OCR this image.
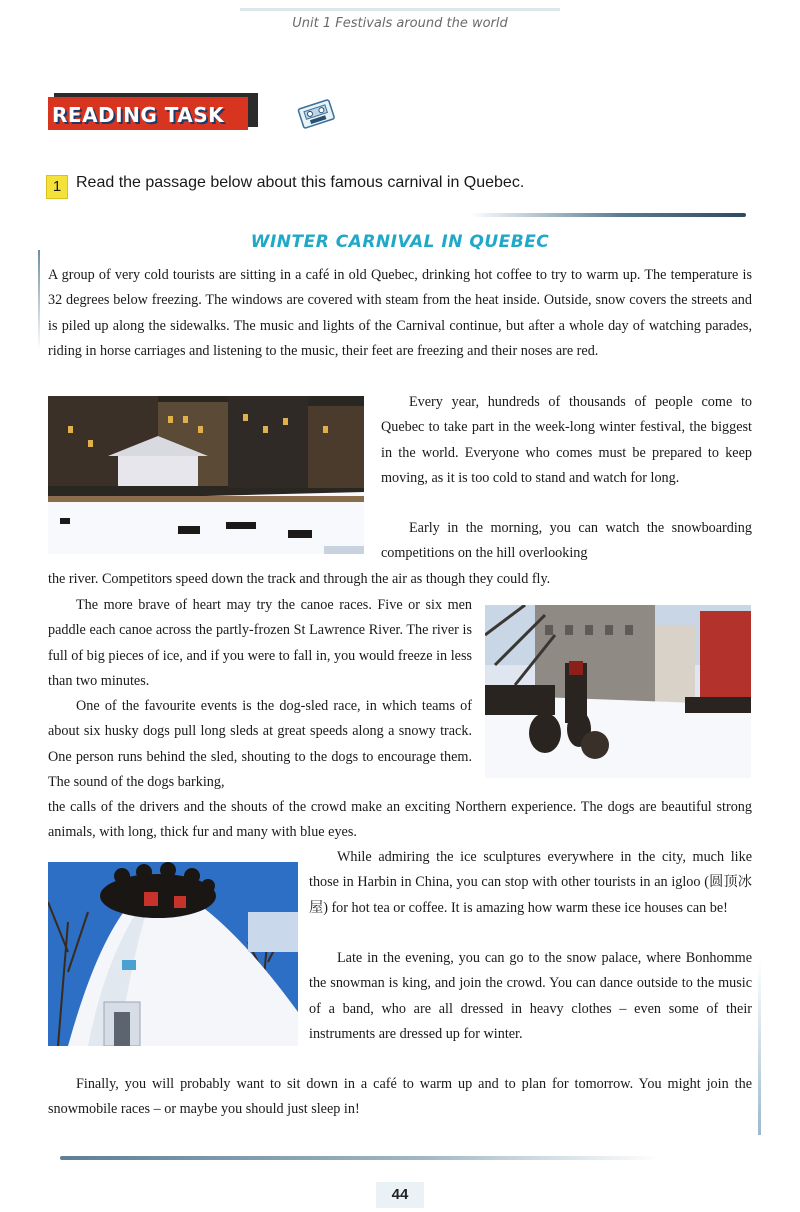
Unit 1 Festivals around the world
READING TASK
1 Read the passage below about this famous carnival in Quebec.
WINTER CARNIVAL IN QUEBEC

A group of very cold tourists are sitting in a café in old Quebec, drinking hot coffee to try to warm up. The temperature is 32 degrees below freezing. The windows are covered with steam from the heat inside. Outside, snow covers the streets and is piled up along the sidewalks. The music and lights of the Carnival continue, but after a whole day of watching parades, riding in horse carriages and listening to the music, their feet are freezing and their noses are red.

Every year, hundreds of thousands of people come to Quebec to take part in the week-long winter festival, the biggest in the world. Everyone who comes must be prepared to keep moving, as it is too cold to stand and watch for long.

Early in the morning, you can watch the snowboarding competitions on the hill overlooking

the river. Competitors speed down the track and through the air as though they could fly.

The more brave of heart may try the canoe races. Five or six men paddle each canoe across the partly-frozen St Lawrence River. The river is full of big pieces of ice, and if you were to fall in, you would freeze in less than two minutes.

One of the favourite events is the dog-sled race, in which teams of about six husky dogs pull long sleds at great speeds along a snowy track. One person runs behind the sled, shouting to the dogs to encourage them. The sound of the dogs barking,

the calls of the drivers and the shouts of the crowd make an exciting Northern experience. The dogs are beautiful strong animals, with long, thick fur and many with blue eyes.

While admiring the ice sculptures everywhere in the city, much like those in Harbin in China, you can stop with other tourists in an igloo (圆顶冰屋) for hot tea or coffee. It is amazing how warm these ice houses can be!

Late in the evening, you can go to the snow palace, where Bonhomme the snowman is king, and join the crowd. You can dance outside to the music of a band, who are all dressed in heavy clothes – even some of their instruments are dressed up for winter.

Finally, you will probably want to sit down in a café to warm up and to plan for tomorrow. You might join the snowmobile races – or maybe you should just sleep in!

44
